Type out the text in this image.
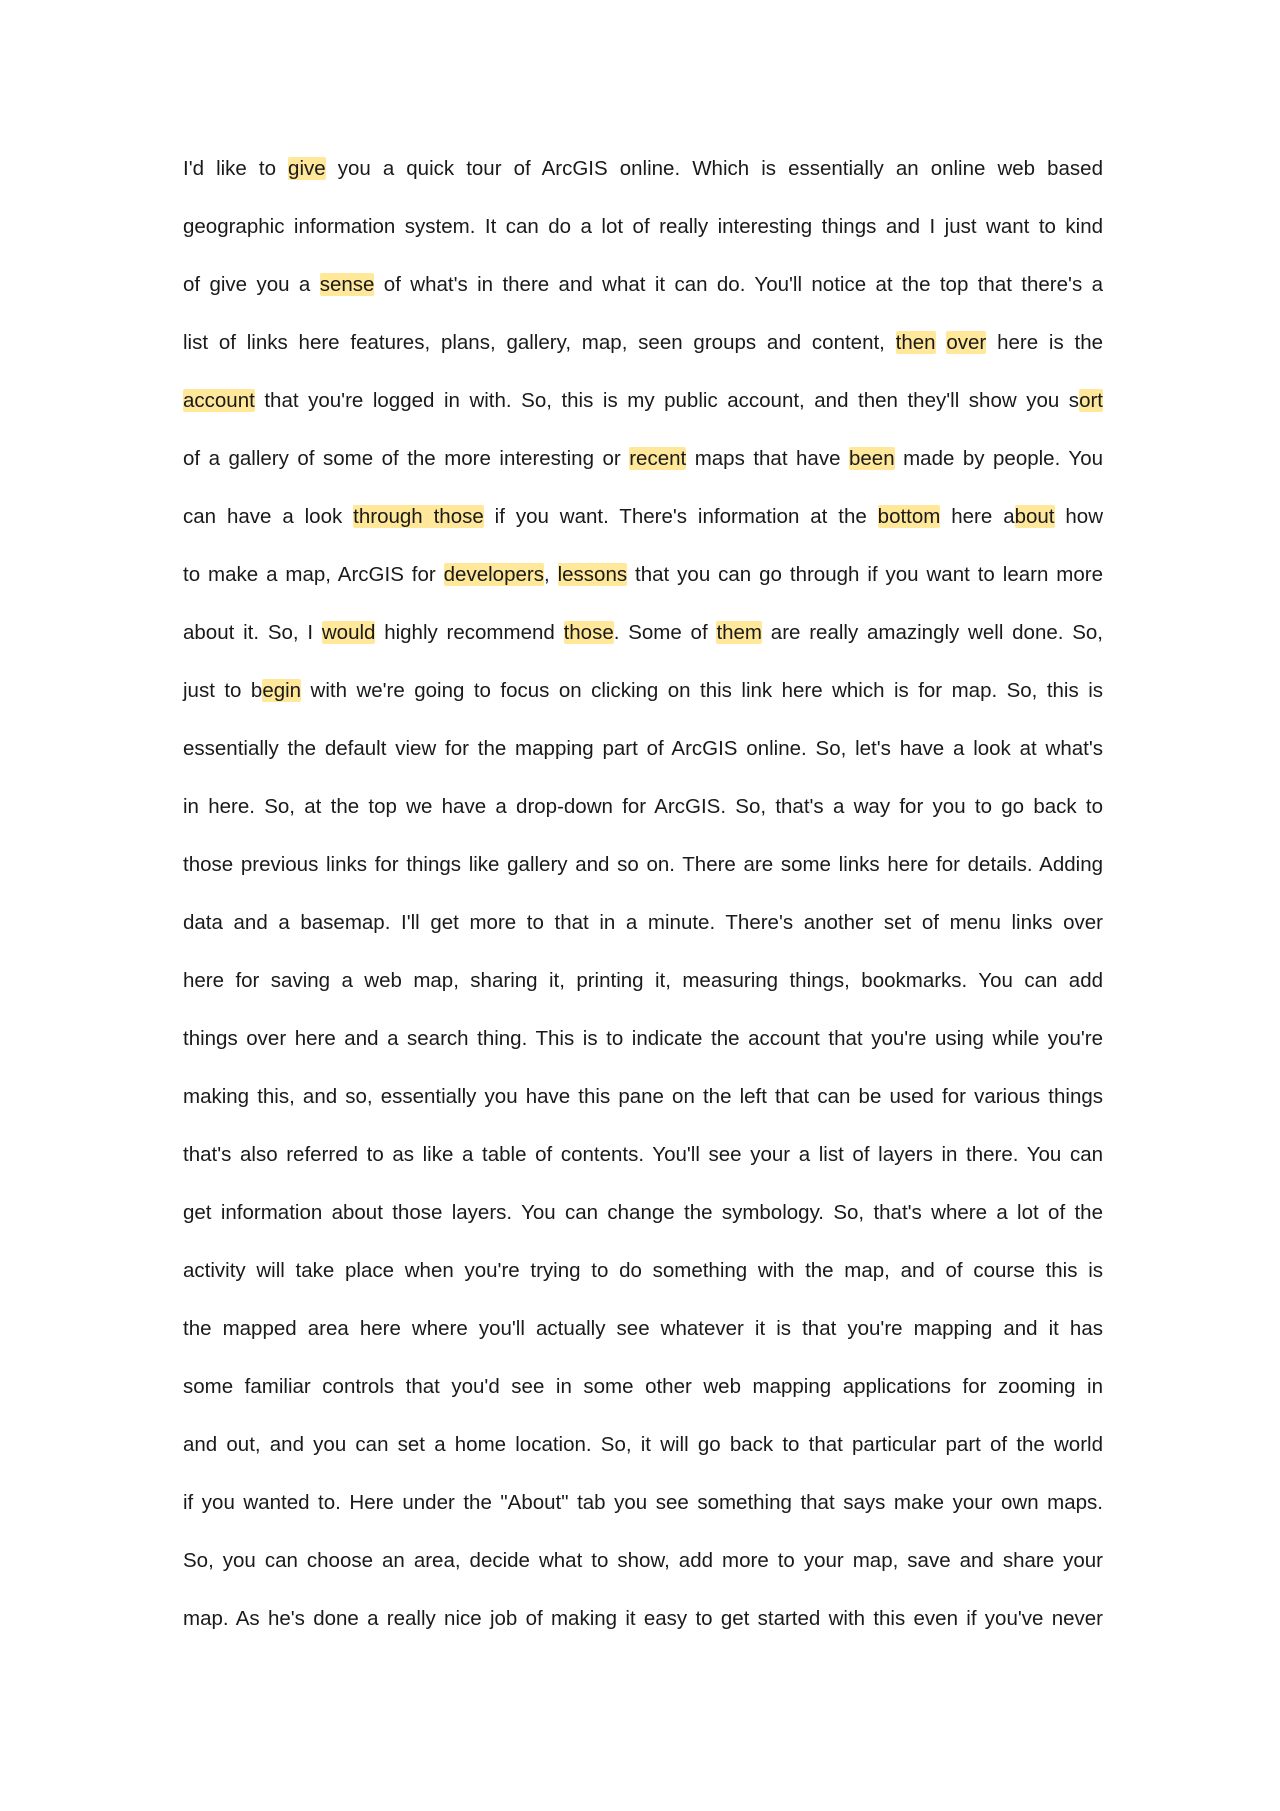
I'd like to give you a quick tour of ArcGIS online. Which is essentially an online web based
geographic information system. It can do a lot of really interesting things and I just want to kind
of give you a sense of what's in there and what it can do. You'll notice at the top that there's a
list of links here features, plans, gallery, map, seen groups and content, then over here is the
account that you're logged in with. So, this is my public account, and then they'll show you sort
of a gallery of some of the more interesting or recent maps that have been made by people. You
can have a look through those if you want. There's information at the bottom here about how
to make a map, ArcGIS for developers, lessons that you can go through if you want to learn more
about it. So, I would highly recommend those. Some of them are really amazingly well done. So,
just to begin with we're going to focus on clicking on this link here which is for map. So, this is
essentially the default view for the mapping part of ArcGIS online. So, let's have a look at what's
in here. So, at the top we have a drop-down for ArcGIS. So, that's a way for you to go back to
those previous links for things like gallery and so on. There are some links here for details. Adding
data and a basemap. I'll get more to that in a minute. There's another set of menu links over
here for saving a web map, sharing it, printing it, measuring things, bookmarks. You can add
things over here and a search thing. This is to indicate the account that you're using while you're
making this, and so, essentially you have this pane on the left that can be used for various things
that's also referred to as like a table of contents. You'll see your a list of layers in there. You can
get information about those layers. You can change the symbology. So, that's where a lot of the
activity will take place when you're trying to do something with the map, and of course this is
the mapped area here where you'll actually see whatever it is that you're mapping and it has
some familiar controls that you'd see in some other web mapping applications for zooming in
and out, and you can set a home location. So, it will go back to that particular part of the world
if you wanted to. Here under the "About" tab you see something that says make your own maps.
So, you can choose an area, decide what to show, add more to your map, save and share your
map. As he's done a really nice job of making it easy to get started with this even if you've never
